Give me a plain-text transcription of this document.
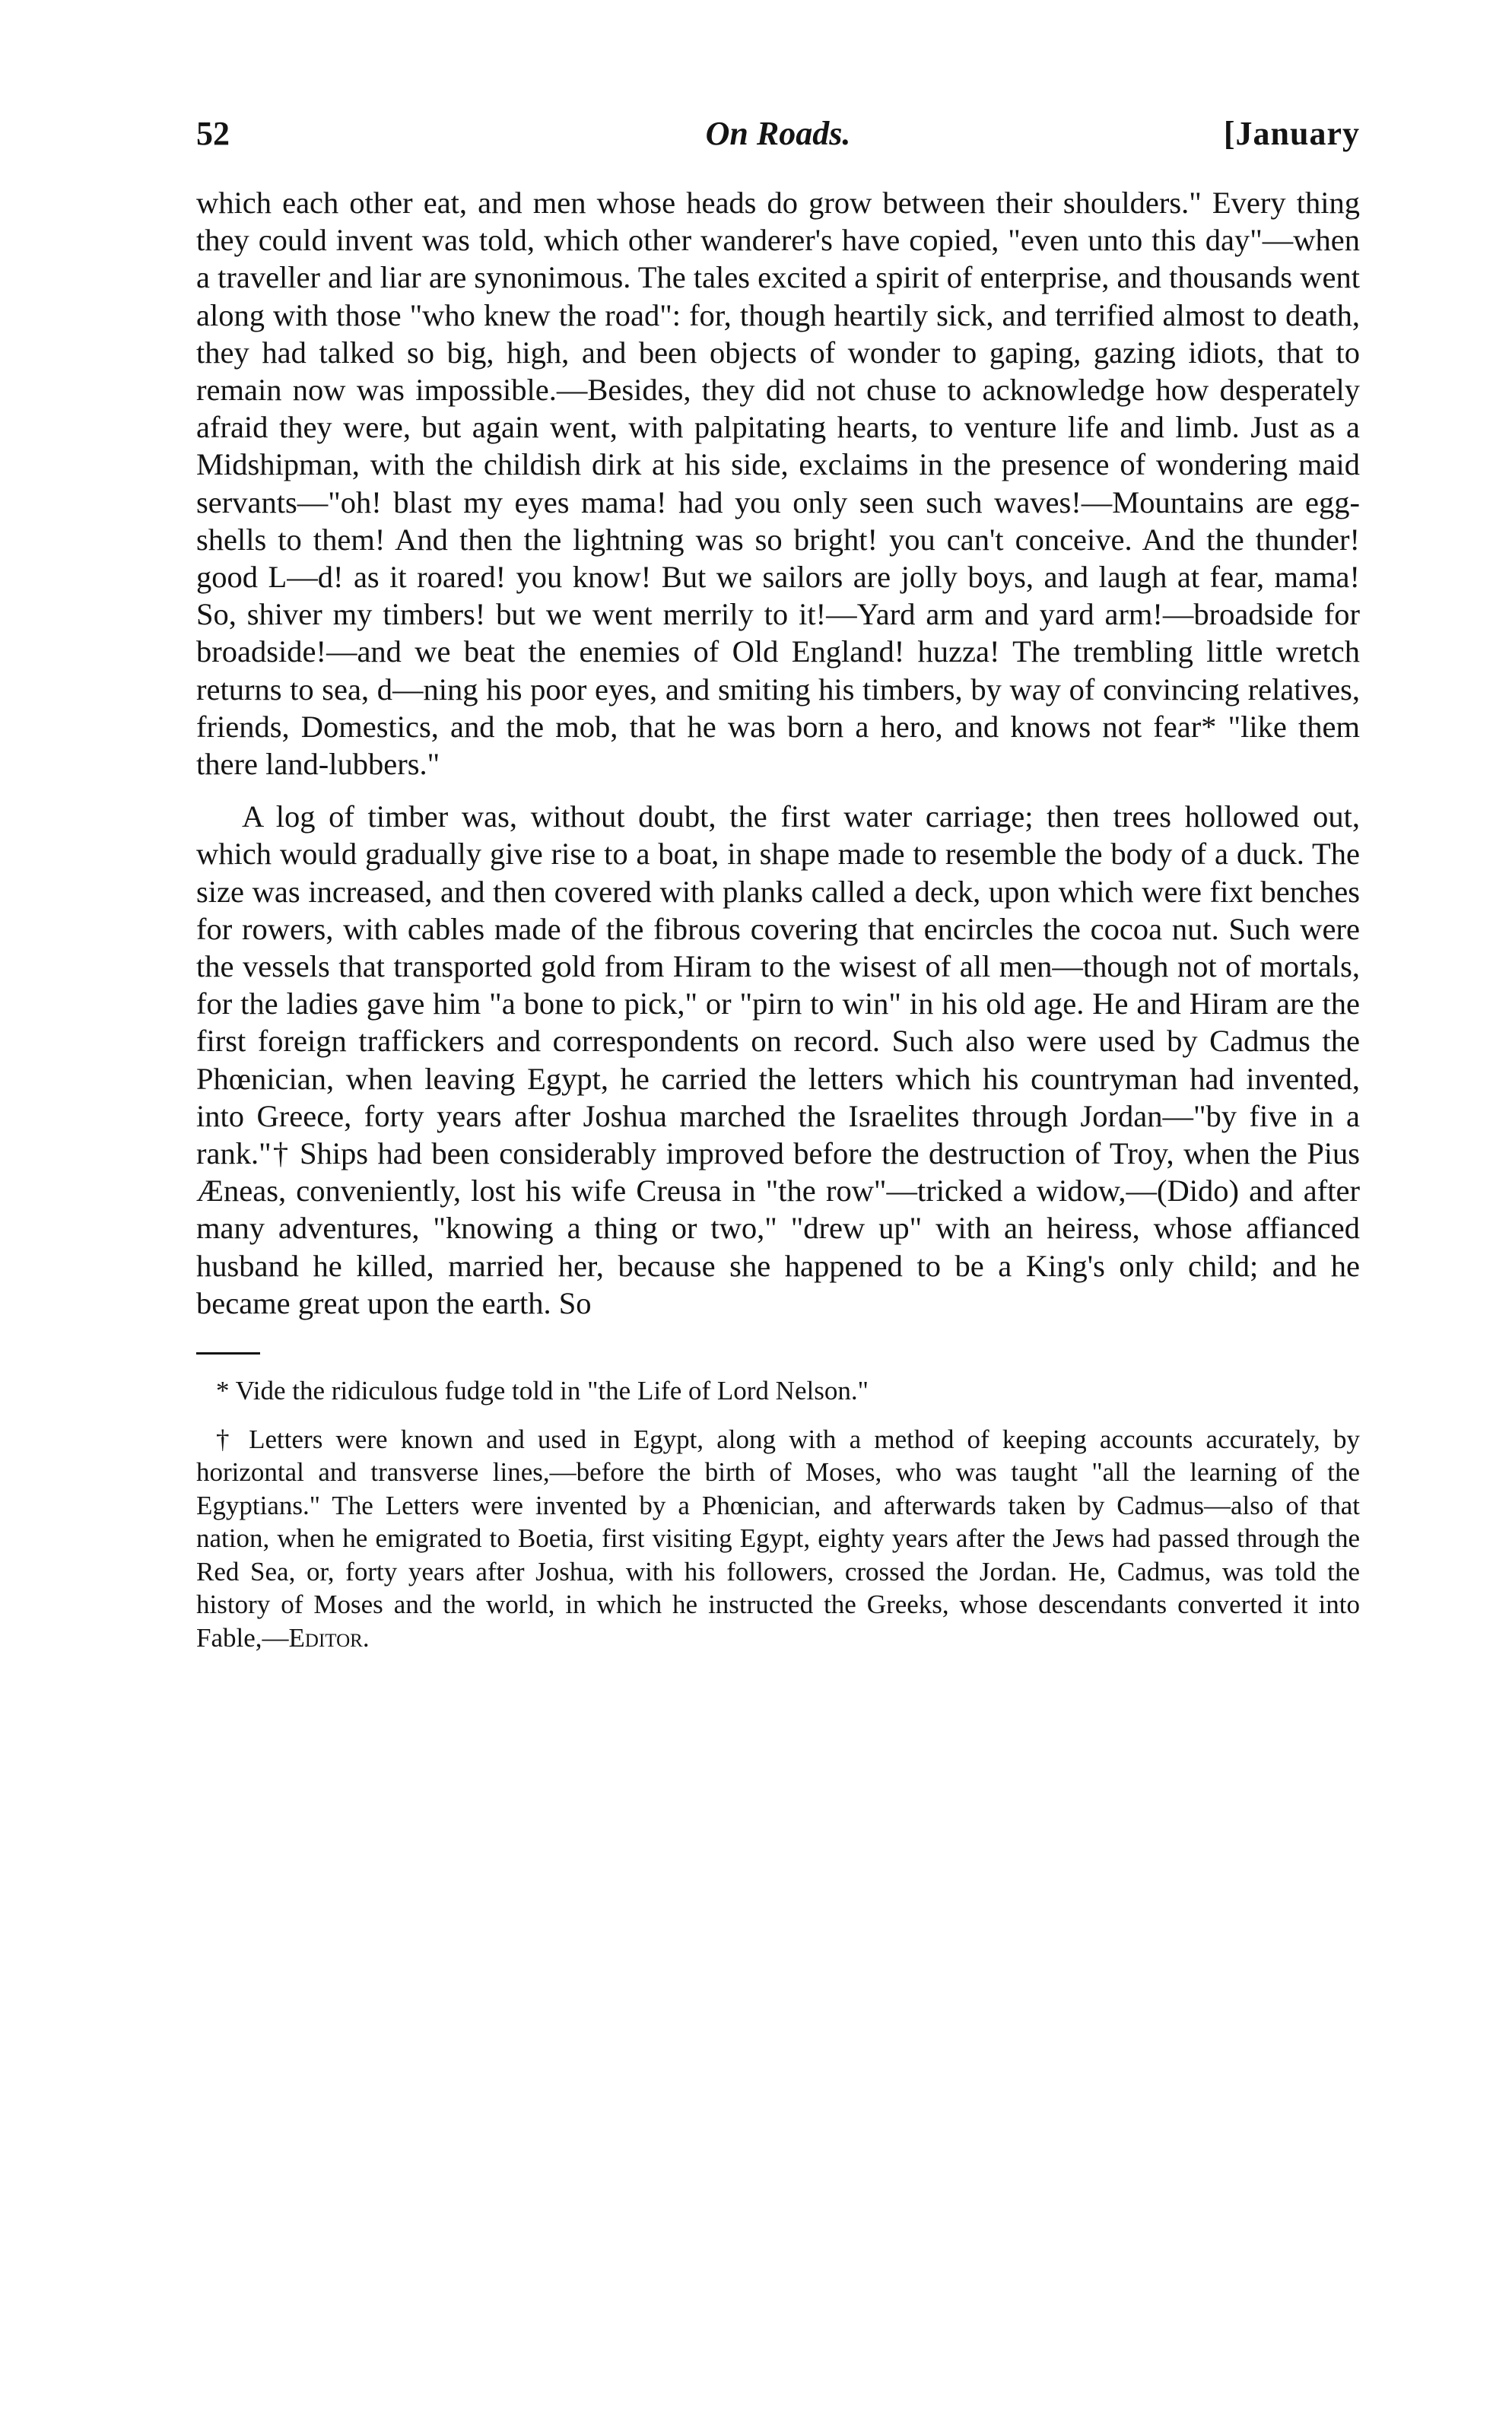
52	On Roads.	[January

which each other eat, and men whose heads do grow between their shoulders." Every thing they could invent was told, which other wanderer's have copied, "even unto this day"—when a traveller and liar are synonimous. The tales excited a spirit of enterprise, and thousands went along with those "who knew the road": for, though heartily sick, and terrified almost to death, they had talked so big, high, and been objects of wonder to gaping, gazing idiots, that to remain now was impossible.—Besides, they did not chuse to acknowledge how desperately afraid they were, but again went, with palpitating hearts, to venture life and limb. Just as a Midshipman, with the childish dirk at his side, exclaims in the presence of wondering maid servants—"oh! blast my eyes mama! had you only seen such waves!—Mountains are egg-shells to them! And then the lightning was so bright! you can't conceive. And the thunder! good L—d! as it roared! you know! But we sailors are jolly boys, and laugh at fear, mama! So, shiver my timbers! but we went merrily to it!—Yard arm and yard arm!—broadside for broadside!—and we beat the enemies of Old England! huzza! The trembling little wretch returns to sea, d—ning his poor eyes, and smiting his timbers, by way of convincing relatives, friends, Domestics, and the mob, that he was born a hero, and knows not fear* "like them there land-lubbers."

A log of timber was, without doubt, the first water carriage; then trees hollowed out, which would gradually give rise to a boat, in shape made to resemble the body of a duck. The size was increased, and then covered with planks called a deck, upon which were fixt benches for rowers, with cables made of the fibrous covering that encircles the cocoa nut. Such were the vessels that transported gold from Hiram to the wisest of all men—though not of mortals, for the ladies gave him "a bone to pick," or "pirn to win" in his old age. He and Hiram are the first foreign traffickers and correspondents on record. Such also were used by Cadmus the Phœnician, when leaving Egypt, he carried the letters which his countryman had invented, into Greece, forty years after Joshua marched the Israelites through Jordan—"by five in a rank."† Ships had been considerably improved before the destruction of Troy, when the Pius Æneas, conveniently, lost his wife Creusa in "the row"—tricked a widow,—(Dido) and after many adventures, "knowing a thing or two," "drew up" with an heiress, whose affianced husband he killed, married her, because she happened to be a King's only child; and he became great upon the earth. So

* Vide the ridiculous fudge told in "the Life of Lord Nelson."

† Letters were known and used in Egypt, along with a method of keeping accounts accurately, by horizontal and transverse lines,—before the birth of Moses, who was taught "all the learning of the Egyptians." The Letters were invented by a Phœnician, and afterwards taken by Cadmus—also of that nation, when he emigrated to Boetia, first visiting Egypt, eighty years after the Jews had passed through the Red Sea, or, forty years after Joshua, with his followers, crossed the Jordan. He, Cadmus, was told the history of Moses and the world, in which he instructed the Greeks, whose descendants converted it into Fable,—Editor.
